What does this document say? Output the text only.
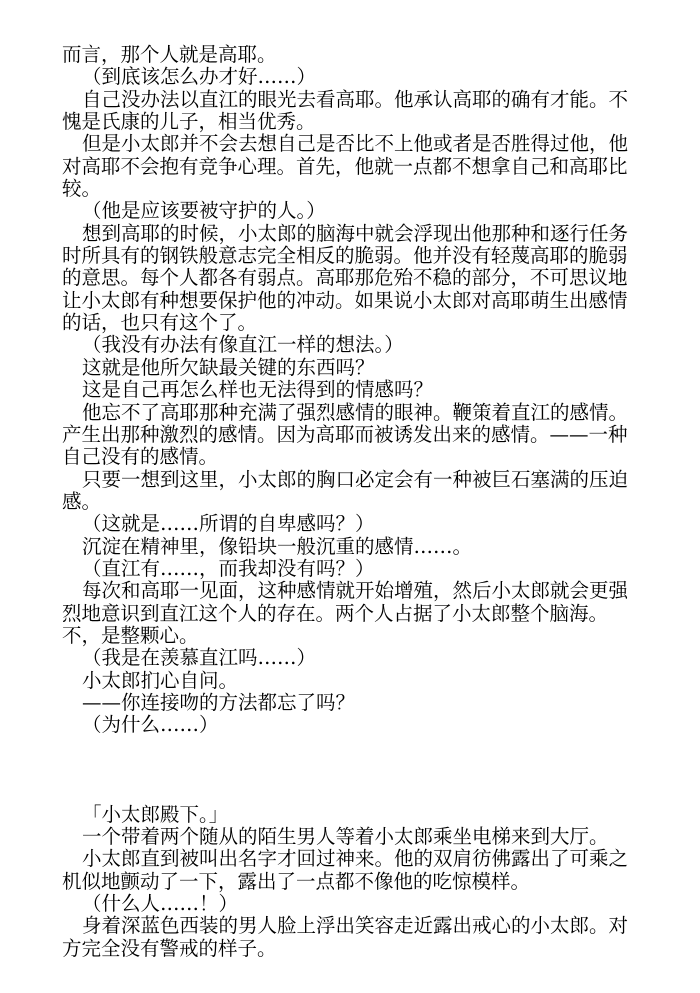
而言，那个人就是高耶。
（到底该怎么办才好……）
自己没办法以直江的眼光去看高耶。他承认高耶的确有才能。不
愧是氏康的儿子，相当优秀。
但是小太郎并不会去想自己是否比不上他或者是否胜得过他，他
对高耶不会抱有竞争心理。首先，他就一点都不想拿自己和高耶比
较。
（他是应该要被守护的人。）
想到高耶的时候，小太郎的脑海中就会浮现出他那种和逐行任务
时所具有的钢铁般意志完全相反的脆弱。他并没有轻蔑高耶的脆弱
的意思。每个人都各有弱点。高耶那危殆不稳的部分，不可思议地
让小太郎有种想要保护他的冲动。如果说小太郎对高耶萌生出感情
的话，也只有这个了。
（我没有办法有像直江一样的想法。）
这就是他所欠缺最关键的东西吗？
这是自己再怎么样也无法得到的情感吗？
他忘不了高耶那种充满了强烈感情的眼神。鞭策着直江的感情。
产生出那种激烈的感情。因为高耶而被诱发出来的感情。——一种
自己没有的感情。
只要一想到这里，小太郎的胸口必定会有一种被巨石塞满的压迫
感。
（这就是……所谓的自卑感吗？）
沉淀在精神里，像铅块一般沉重的感情……。
（直江有……，而我却没有吗？）
每次和高耶一见面，这种感情就开始增殖，然后小太郎就会更强
烈地意识到直江这个人的存在。两个人占据了小太郎整个脑海。
不，是整颗心。
（我是在羡慕直江吗……）
小太郎扪心自问。
——你连接吻的方法都忘了吗？
（为什么……）
「小太郎殿下。」
一个带着两个随从的陌生男人等着小太郎乘坐电梯来到大厅。
小太郎直到被叫出名字才回过神来。他的双肩彷佛露出了可乘之
机似地颤动了一下，露出了一点都不像他的吃惊模样。
（什么人……！）
身着深蓝色西装的男人脸上浮出笑容走近露出戒心的小太郎。对
方完全没有警戒的样子。
